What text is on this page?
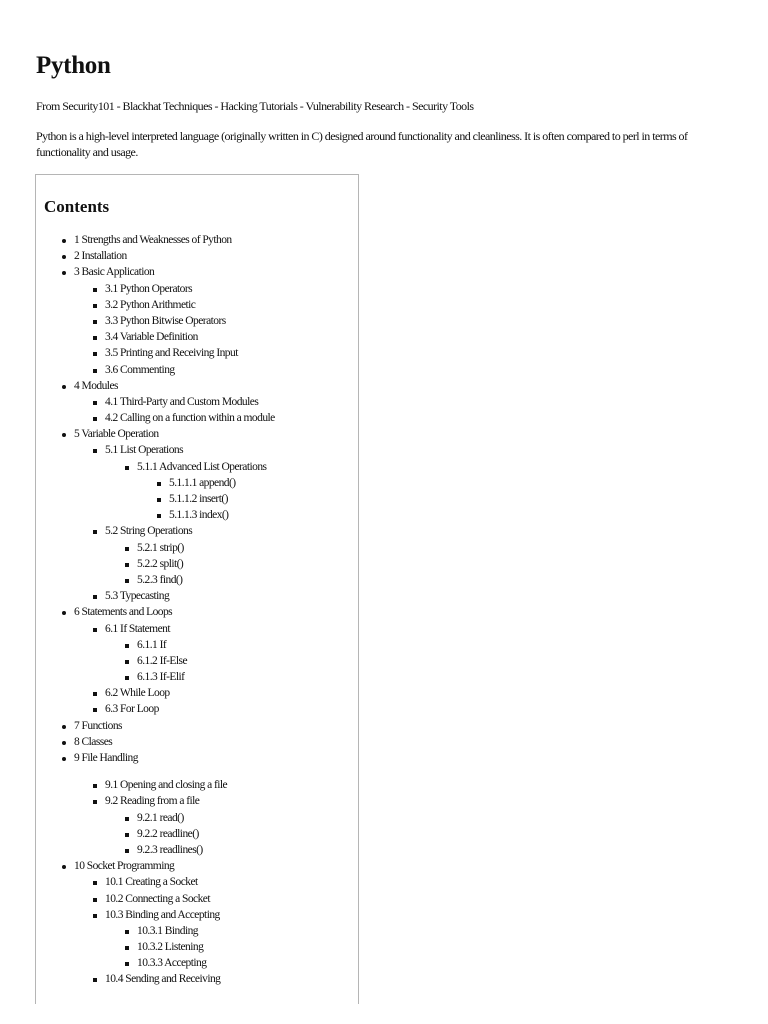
Python

From Security101 - Blackhat Techniques - Hacking Tutorials - Vulnerability Research - Security Tools

Python is a high-level interpreted language (originally written in C) designed around functionality and cleanliness. It is often compared to perl in terms of functionality and usage.

Contents
1 Strengths and Weaknesses of Python
2 Installation
3 Basic Application
3.1 Python Operators
3.2 Python Arithmetic
3.3 Python Bitwise Operators
3.4 Variable Definition
3.5 Printing and Receiving Input
3.6 Commenting
4 Modules
4.1 Third-Party and Custom Modules
4.2 Calling on a function within a module
5 Variable Operation
5.1 List Operations
5.1.1 Advanced List Operations
5.1.1.1 append()
5.1.1.2 insert()
5.1.1.3 index()
5.2 String Operations
5.2.1 strip()
5.2.2 split()
5.2.3 find()
5.3 Typecasting
6 Statements and Loops
6.1 If Statement
6.1.1 If
6.1.2 If-Else
6.1.3 If-Elif
6.2 While Loop
6.3 For Loop
7 Functions
8 Classes
9 File Handling
9.1 Opening and closing a file
9.2 Reading from a file
9.2.1 read()
9.2.2 readline()
9.2.3 readlines()
10 Socket Programming
10.1 Creating a Socket
10.2 Connecting a Socket
10.3 Binding and Accepting
10.3.1 Binding
10.3.2 Listening
10.3.3 Accepting
10.4 Sending and Receiving
